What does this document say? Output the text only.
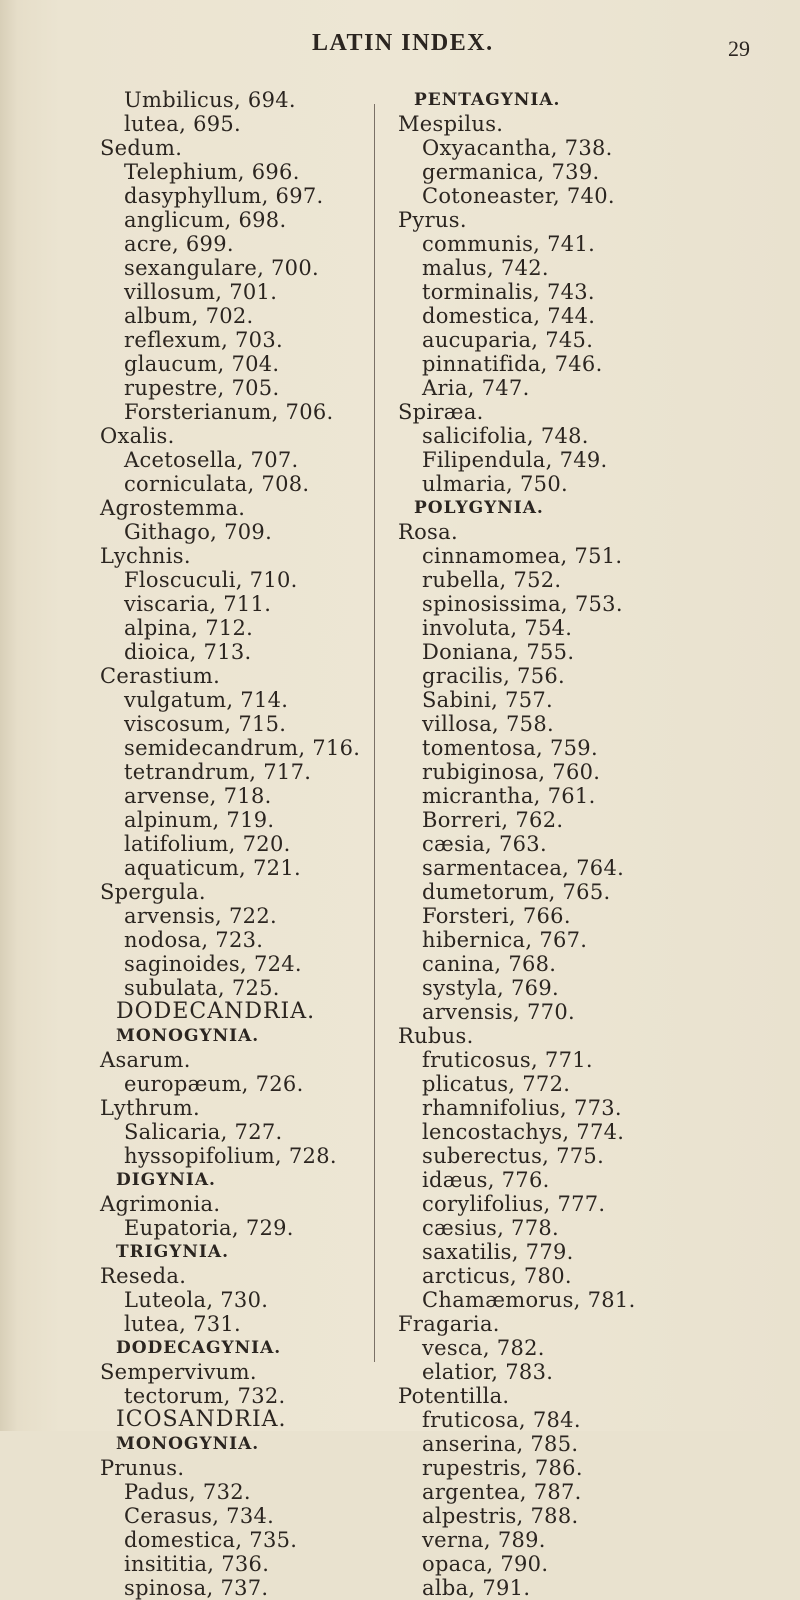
LATIN INDEX.	29
Umbilicus, 694.
lutea, 695.
Sedum.
Telephium, 696.
dasyphyllum, 697.
anglicum, 698.
acre, 699.
sexangulare, 700.
villosum, 701.
album, 702.
reflexum, 703.
glaucum, 704.
rupestre, 705.
Forsterianum, 706.
Oxalis.
Acetosella, 707.
corniculata, 708.
Agrostemma.
Githago, 709.
Lychnis.
Floscuculi, 710.
viscaria, 711.
alpina, 712.
dioica, 713.
Cerastium.
vulgatum, 714.
viscosum, 715.
semidecandrum, 716.
tetrandrum, 717.
arvense, 718.
alpinum, 719.
latifolium, 720.
aquaticum, 721.
Spergula.
arvensis, 722.
nodosa, 723.
saginoides, 724.
subulata, 725.
DODECANDRIA.
MONOGYNIA.
Asarum.
europæum, 726.
Lythrum.
Salicaria, 727.
hyssopifolium, 728.
DIGYNIA.
Agrimonia.
Eupatoria, 729.
TRIGYNIA.
Reseda.
Luteola, 730.
lutea, 731.
DODECAGYNIA.
Sempervivum.
tectorum, 732.
ICOSANDRIA.
MONOGYNIA.
Prunus.
Padus, 732.
Cerasus, 734.
domestica, 735.
insititia, 736.
spinosa, 737.
PENTAGYNIA.
Mespilus.
Oxyacantha, 738.
germanica, 739.
Cotoneaster, 740.
Pyrus.
communis, 741.
malus, 742.
torminalis, 743.
domestica, 744.
aucuparia, 745.
pinnatifida, 746.
Aria, 747.
Spiræa.
salicifolia, 748.
Filipendula, 749.
ulmaria, 750.
POLYGYNIA.
Rosa.
cinnamomea, 751.
rubella, 752.
spinosissima, 753.
involuta, 754.
Doniana, 755.
gracilis, 756.
Sabini, 757.
villosa, 758.
tomentosa, 759.
rubiginosa, 760.
micrantha, 761.
Borreri, 762.
cæsia, 763.
sarmentacea, 764.
dumetorum, 765.
Forsteri, 766.
hibernica, 767.
canina, 768.
systyla, 769.
arvensis, 770.
Rubus.
fruticosus, 771.
plicatus, 772.
rhamnifolius, 773.
lencostachys, 774.
suberectus, 775.
idæus, 776.
corylifolius, 777.
cæsius, 778.
saxatilis, 779.
arcticus, 780.
Chamæmorus, 781.
Fragaria.
vesca, 782.
elatior, 783.
Potentilla.
fruticosa, 784.
anserina, 785.
rupestris, 786.
argentea, 787.
alpestris, 788.
verna, 789.
opaca, 790.
alba, 791.
